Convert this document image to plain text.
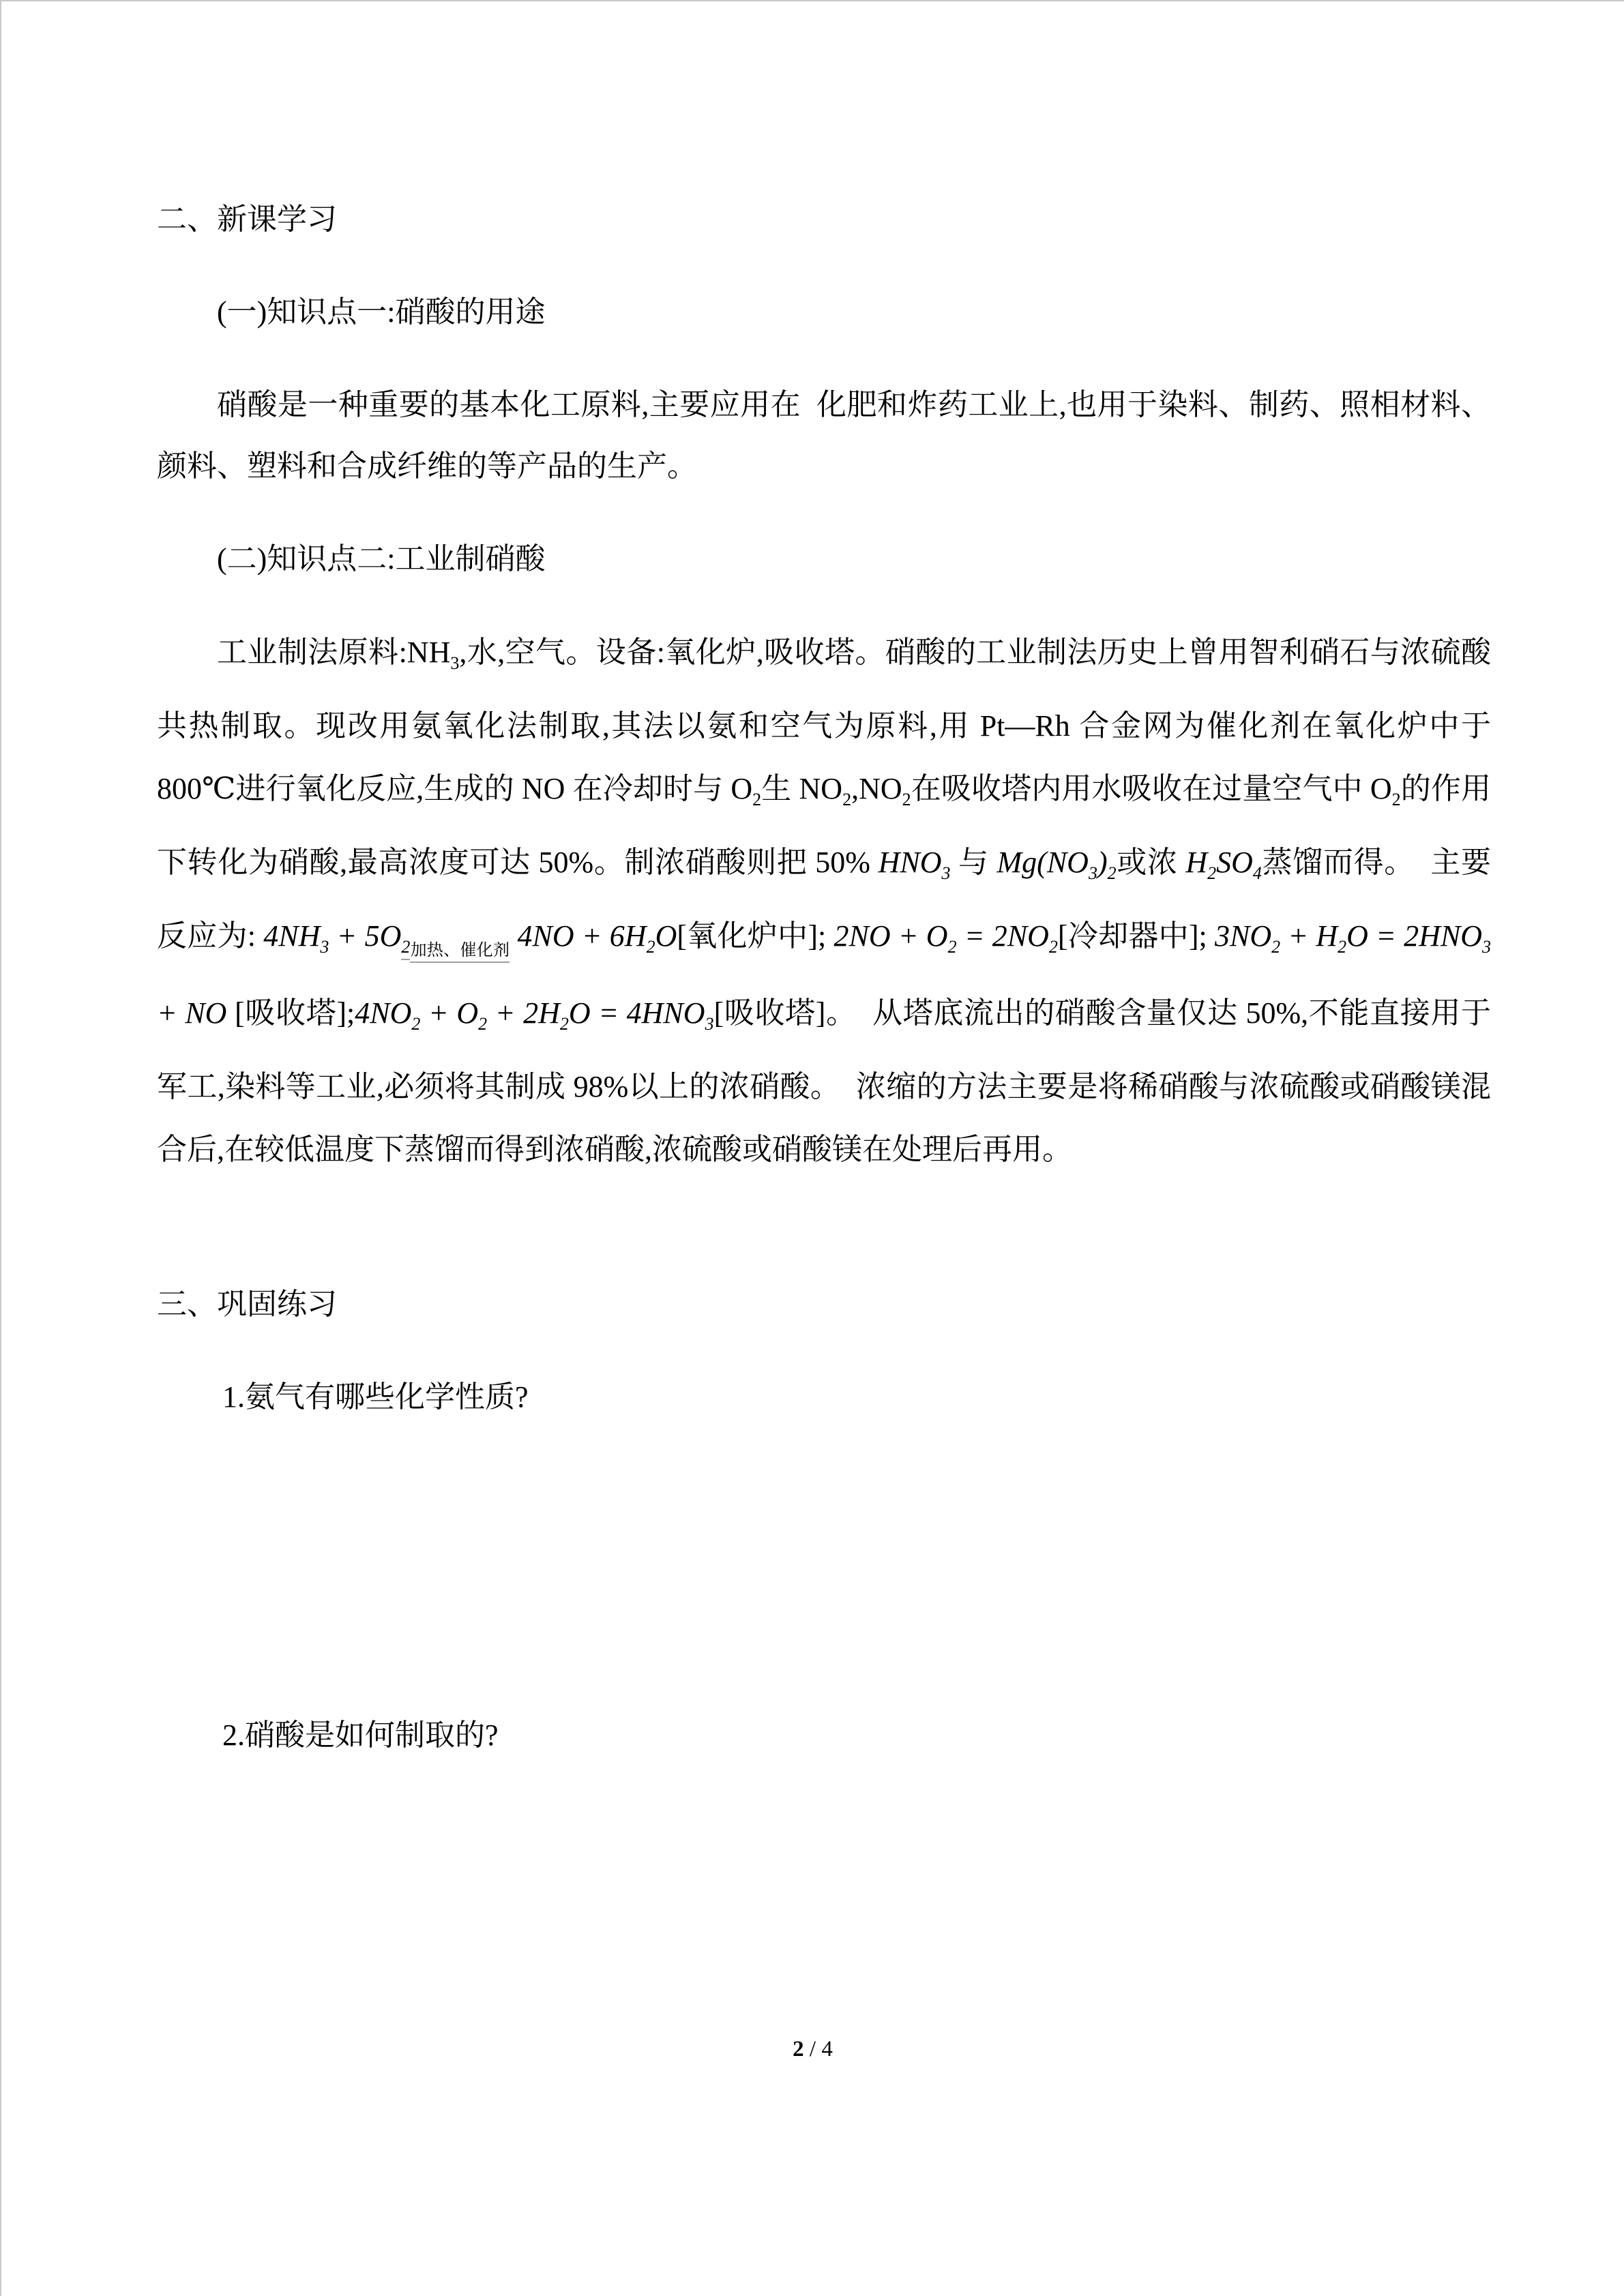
二、新课学习

(一)知识点一:硝酸的用途

硝酸是一种重要的基本化工原料,主要应用在  化肥和炸药工业上,也用于染料、制药、照相材料、  颜料、塑料和合成纤维的等产品的生产。

(二)知识点二:工业制硝酸

工业制法原料$:NH_3$,水,空气。设备:氧化炉,吸收塔。硝酸的工业制法历史上曾用智利硝石与浓硫酸共热制取。现改用氨氧化法制取,其法以氨和空气为原料,用 Pt—Rh 合金网为催化剂在氧化炉中于 800℃进行氧化反应,生成的 NO 在冷却时与 $O_2$生 $NO_2,NO_2$在吸收塔内用水吸收在过量空气中 $O_2$的作用下转化为硝酸,最高浓度可达 50%。制浓硝酸则把 50% $HNO_3$ 与 $Mg(NO_3)_2$或浓 $H_2SO_4$蒸馏而得。  主要反应为: $4NH_3 + 5O_{2加热、催化剂}$ $4NO + 6H_2O$[氧化炉中]; $2NO + O_2 = 2NO_2$[冷却器中]; $3NO_2 + H_2O = 2HNO_3$ + NO [吸收塔]$;4NO_2 + O_2 + 2H_2O = 4HNO_3$[吸收塔]。  从塔底流出的硝酸含量仅达 50%,不能直接用于军工,染料等工业,必须将其制成 98%以上的浓硝酸。  浓缩的方法主要是将稀硝酸与浓硫酸或硝酸镁混合后,在较低温度下蒸馏而得到浓硝酸,浓硫酸或硝酸镁在处理后再用。

三、巩固练习

1.氨气有哪些化学性质?

2.硝酸是如何制取的?

2 / 4
